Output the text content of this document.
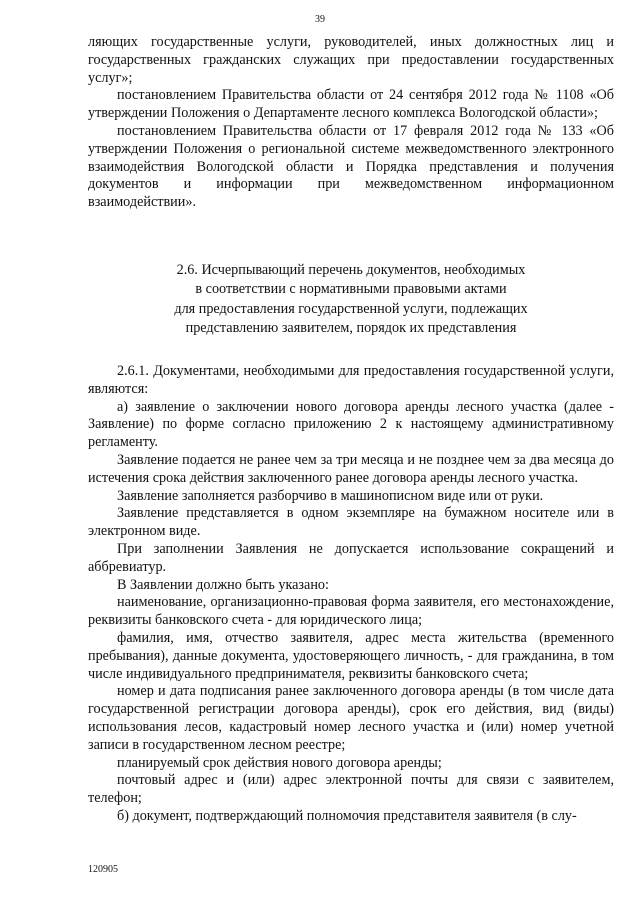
39

ляющих государственные услуги, руководителей, иных должностных лиц и государственных гражданских служащих при предоставлении государственных услуг»;

постановлением Правительства области от 24 сентября 2012 года № 1108 «Об утверждении Положения о Департаменте лесного комплекса Вологодской области»;

постановлением Правительства области от 17 февраля 2012 года № 133 «Об утверждении Положения о региональной системе межведомственного электронного взаимодействия Вологодской области и Порядка представления и получения документов и информации при межведомственном информационном взаимодействии».

2.6. Исчерпывающий перечень документов, необходимых
в соответствии с нормативными правовыми актами
для предоставления государственной услуги, подлежащих
представлению заявителем, порядок их представления

2.6.1. Документами, необходимыми для предоставления государственной услуги, являются:

а) заявление о заключении нового договора аренды лесного участка (далее - Заявление) по форме согласно приложению 2 к настоящему административному регламенту.

Заявление подается не ранее чем за три месяца и не позднее чем за два месяца до истечения срока действия заключенного ранее договора аренды лесного участка.

Заявление заполняется разборчиво в машинописном виде или от руки.

Заявление представляется в одном экземпляре на бумажном носителе или в электронном виде.

При заполнении Заявления не допускается использование сокращений и аббревиатур.

В Заявлении должно быть указано:

наименование, организационно-правовая форма заявителя, его местонахождение, реквизиты банковского счета - для юридического лица;

фамилия, имя, отчество заявителя, адрес места жительства (временного пребывания), данные документа, удостоверяющего личность, - для гражданина, в том числе индивидуального предпринимателя, реквизиты банковского счета;

номер и дата подписания ранее заключенного договора аренды (в том числе дата государственной регистрации договора аренды), срок его действия, вид (виды) использования лесов, кадастровый номер лесного участка и (или) номер учетной записи в государственном лесном реестре;

планируемый срок действия нового договора аренды;

почтовый адрес и (или) адрес электронной почты для связи с заявителем, телефон;

б) документ, подтверждающий полномочия представителя заявителя (в слу-

120905
